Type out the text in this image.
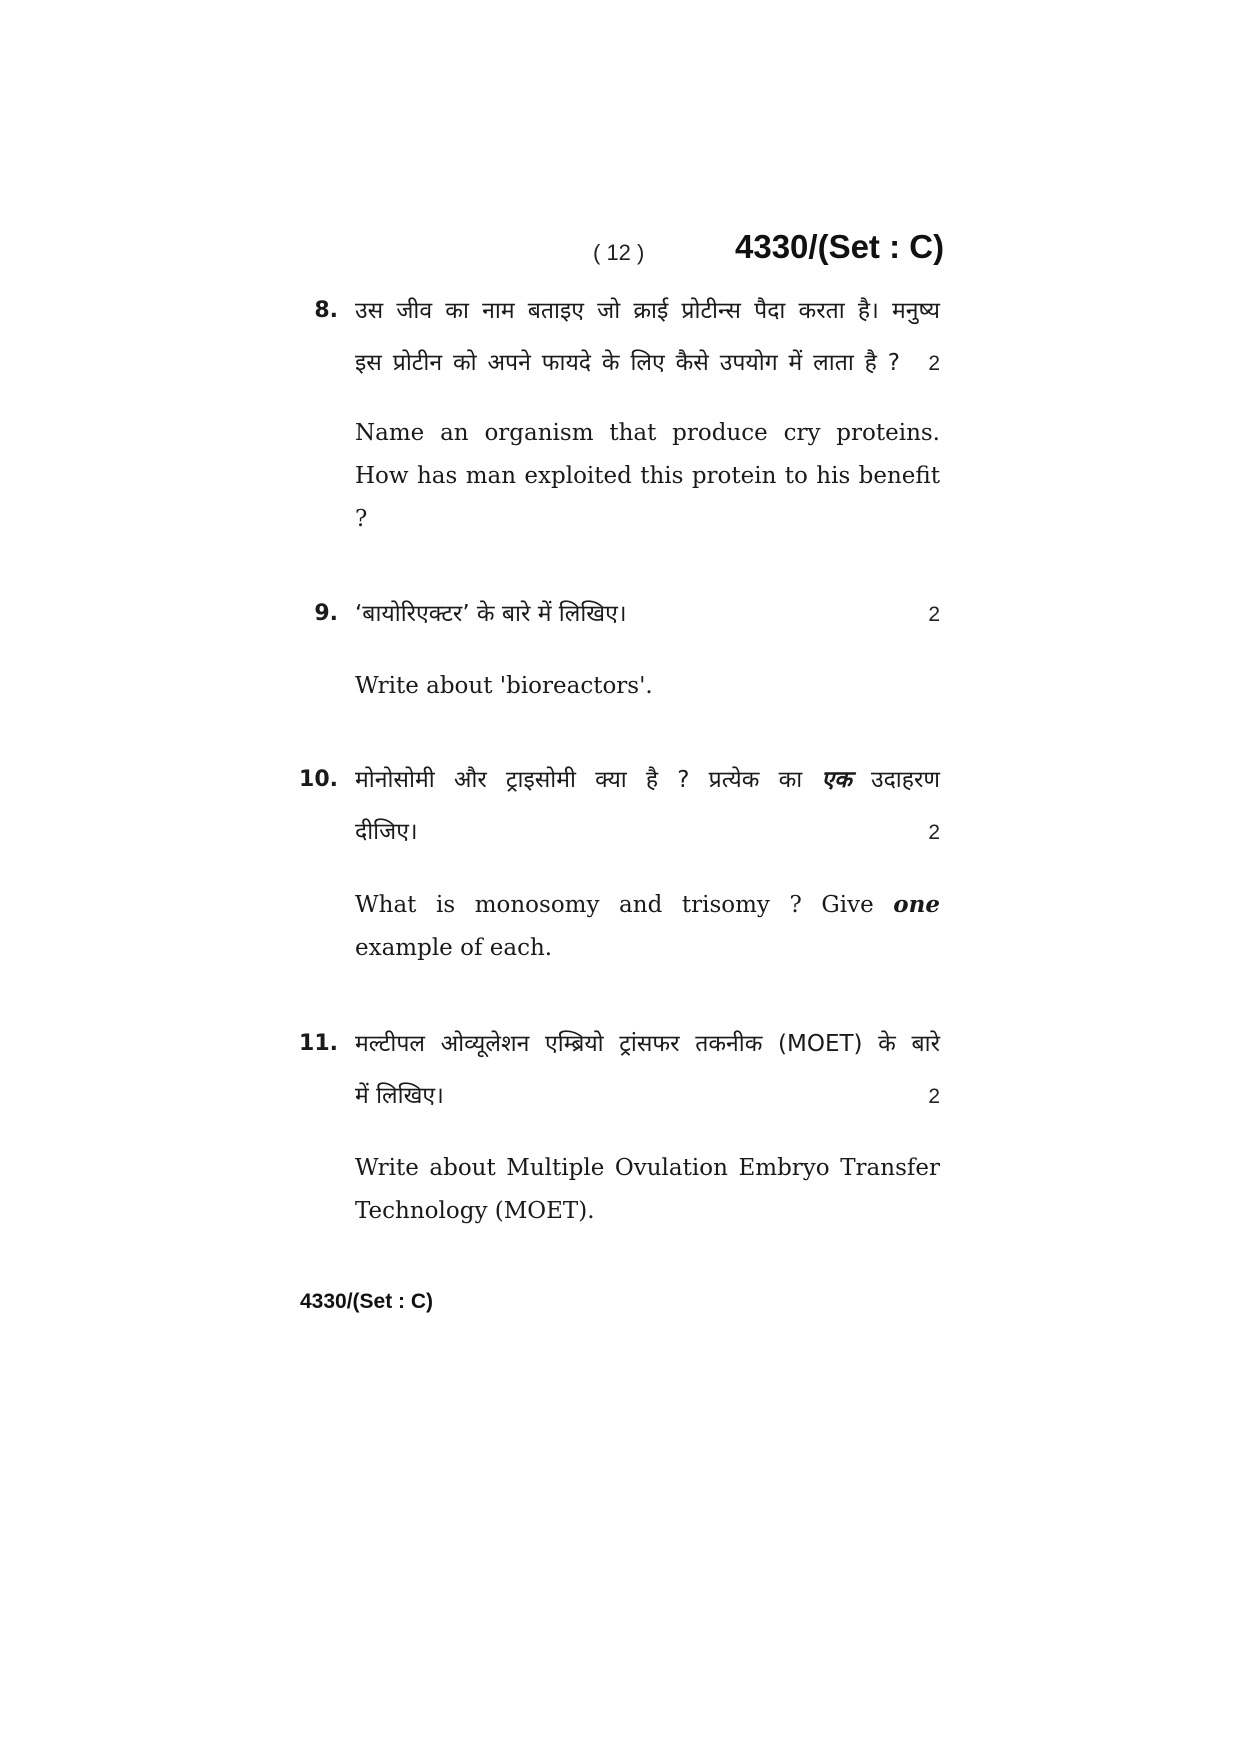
( 12 )	4330/(Set : C)
8. उस जीव का नाम बताइए जो क्राई प्रोटीन्स पैदा करता है। मनुष्य
इस प्रोटीन को अपने फायदे के लिए कैसे उपयोग में लाता है ?	2
Name an organism that produce cry proteins. How has man exploited this protein to his benefit ?
9. ‘बायोरिएक्टर’ के बारे में लिखिए।	2
Write about 'bioreactors'.
10. मोनोसोमी और ट्राइसोमी क्या है ? प्रत्येक का एक उदाहरण
दीजिए।	2
What is monosomy and trisomy ? Give one
example of each.
11. मल्टीपल ओव्यूलेशन एम्ब्रियो ट्रांसफर तकनीक (MOET) के बारे
में लिखिए।	2
Write about Multiple Ovulation Embryo Transfer Technology (MOET).
4330/(Set : C)
